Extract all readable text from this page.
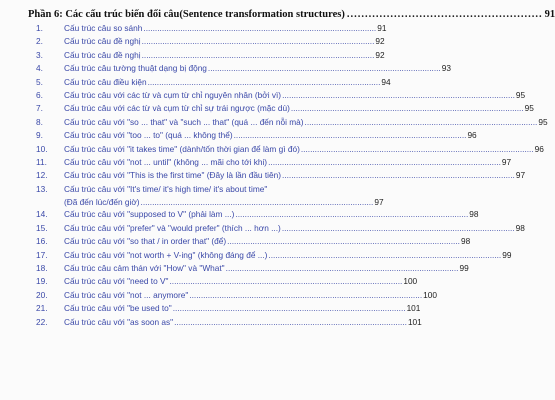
Phần 6: Các cấu trúc biến đổi câu(Sentence transformation structures) .....	91
1.	Cấu trúc câu so sánh .....	91
2.	Cấu trúc câu đề nghị .....	92
3.	Cấu trúc câu đề nghị .....	92
4.	Cấu trúc câu tường thuật dạng bị động .....	93
5.	Cấu trúc câu điều kiện .....	94
6.	Cấu trúc câu với các từ và cụm từ chỉ nguyên nhân (bởi vì) .....	95
7.	Cấu trúc câu với các từ và cụm từ chỉ sự trái ngược (mặc dù) .....	95
8.	Cấu trúc câu với "so ... that" và "such ... that" (quá ... đến nỗi mà) .....	95
9.	Cấu trúc câu với "too ... to" (quá ... không thể) .....	96
10.	Cấu trúc câu với "it takes time" (dành/tốn thời gian để làm gì đó) .....	96
11.	Cấu trúc câu với "not ... until" (không ... mãi cho tới khi) .....	97
12.	Cấu trúc câu với "This is the first time" (Đây là lần đầu tiên) .....	97
13.	Cấu trúc câu với "It's time/ it's high time/ it's about time"
(Đã đến lúc/đến giờ) .....	97
14.	Cấu trúc câu với "supposed to V" (phải làm ...) .....	98
15.	Cấu trúc câu với "prefer" và "would prefer" (thích ... hơn ...) .....	98
16.	Cấu trúc câu với "so that / in order that" (để) .....	98
17.	Cấu trúc câu với "not worth + V-ing" (không đáng để ...) .....	99
18.	Cấu trúc câu cảm thán với "How" và "What" .....	99
19.	Cấu trúc câu với "need to V" .....	100
20.	Cấu trúc câu với "not ... anymore" .....	100
21.	Cấu trúc câu với "be used to" .....	101
22.	Cấu trúc câu với "as soon as" .....	101
